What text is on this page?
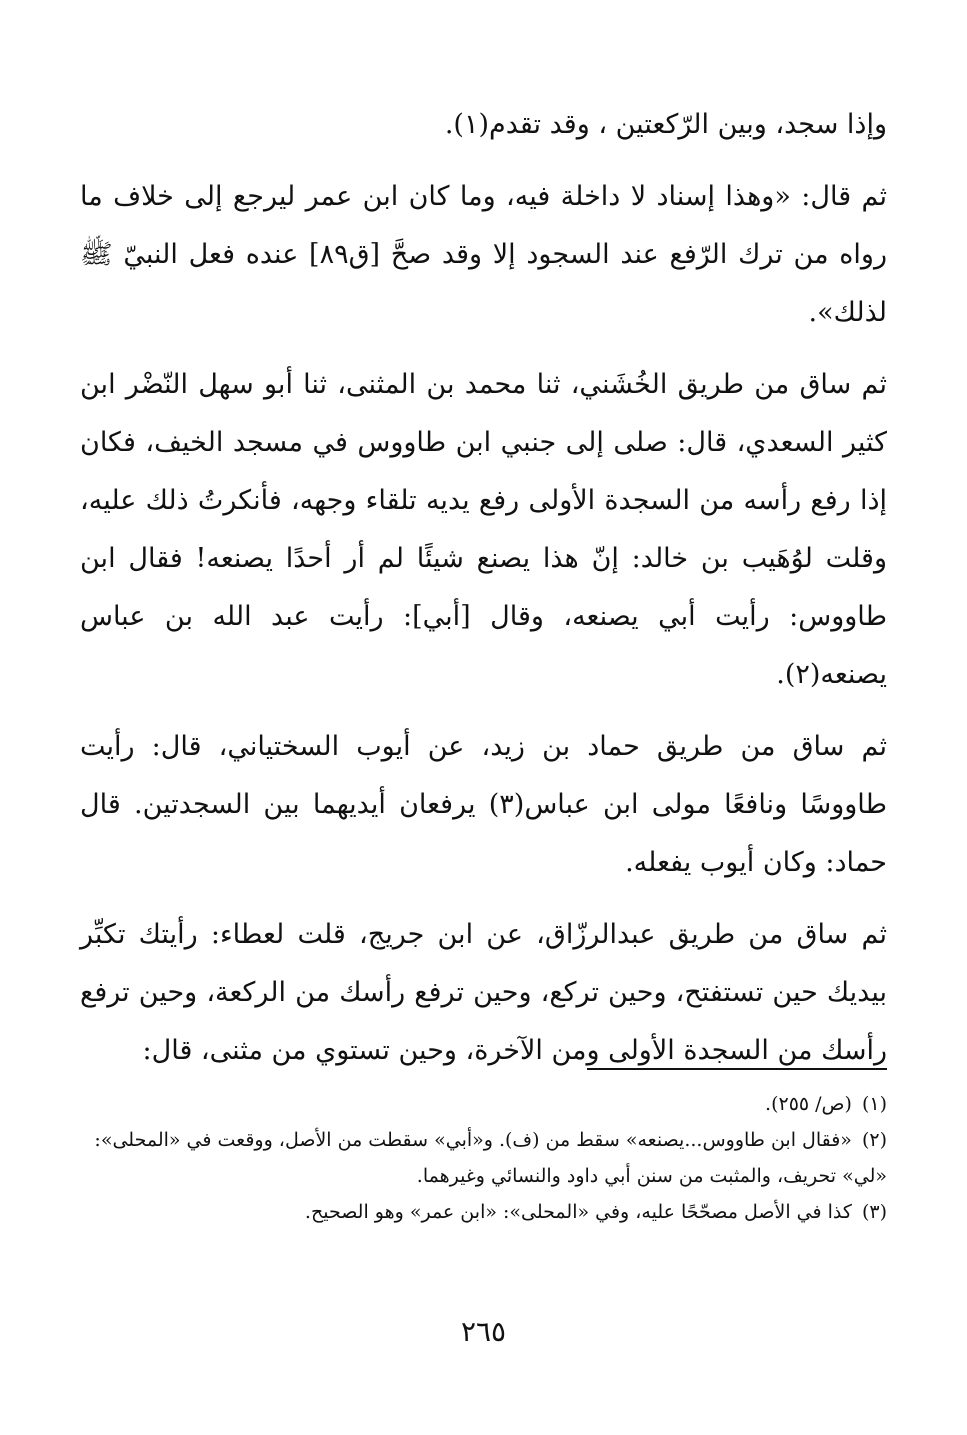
وإذا سجد، وبين الرّكعتين ، وقد تقدم(١).

ثم قال: «وهذا إسناد لا داخلة فيه، وما كان ابن عمر ليرجع إلى خلاف ما رواه من ترك الرّفع عند السجود إلا وقد صحَّ [ق٨٩] عنده فعل النبيّ ﷺ لذلك».

ثم ساق من طريق الخُشَني، ثنا محمد بن المثنى، ثنا أبو سهل النّضْر ابن كثير السعدي، قال: صلى إلى جنبي ابن طاووس في مسجد الخيف، فكان إذا رفع رأسه من السجدة الأولى رفع يديه تلقاء وجهه، فأنكرتُ ذلك عليه، وقلت لوُهَيب بن خالد: إنّ هذا يصنع شيئًا لم أر أحدًا يصنعه! فقال ابن طاووس: رأيت أبي يصنعه، وقال [أبي]: رأيت عبد الله بن عباس يصنعه(٢).

ثم ساق من طريق حماد بن زيد، عن أيوب السختياني، قال: رأيت طاووسًا ونافعًا مولى ابن عباس(٣) يرفعان أيديهما بين السجدتين. قال حماد: وكان أيوب يفعله.

ثم ساق من طريق عبدالرزّاق، عن ابن جريج، قلت لعطاء: رأيتك تكبِّر بيديك حين تستفتح، وحين تركع، وحين ترفع رأسك من الركعة، وحين ترفع رأسك من السجدة الأولى ومن الآخرة، وحين تستوي من مثنى، قال:

(١)(ص/ ٢٥٥).

(٢)«فقال ابن طاووس...يصنعه» سقط من (ف). و«أبي» سقطت من الأصل، ووقعت في «المحلى»: «لي» تحريف، والمثبت من سنن أبي داود والنسائي وغيرهما.

(٣)كذا في الأصل مصحّحًا عليه، وفي «المحلى»: «ابن عمر» وهو الصحيح.

٢٦٥
